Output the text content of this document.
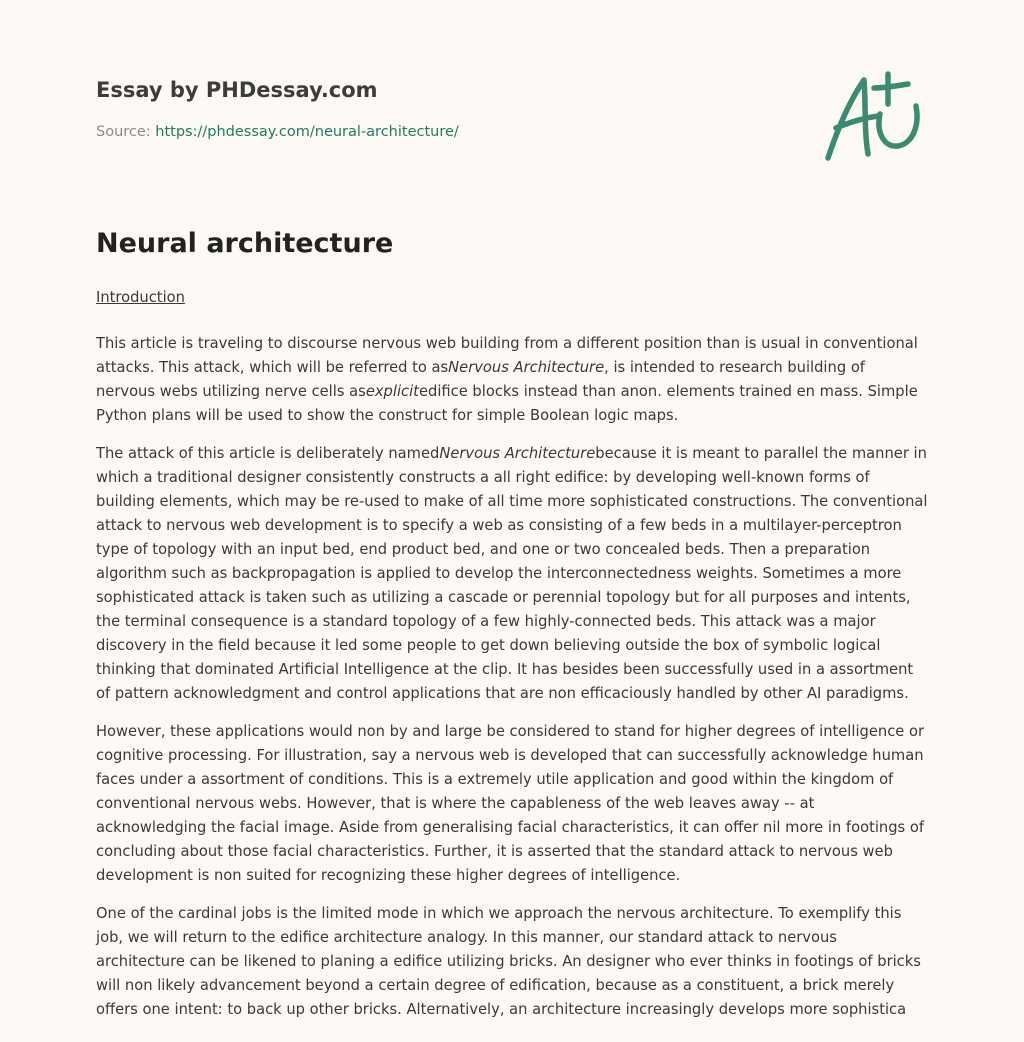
Essay by PHDessay.com
Source: https://phdessay.com/neural-architecture/
Neural architecture
Introduction

This article is traveling to discourse nervous web building from a different position than is usual in conventional attacks. This attack, which will be referred to asNervous Architecture, is intended to research building of nervous webs utilizing nerve cells asexplicitedifice blocks instead than anon. elements trained en mass. Simple Python plans will be used to show the construct for simple Boolean logic maps.

The attack of this article is deliberately namedNervous Architecturebecause it is meant to parallel the manner in which a traditional designer consistently constructs a all right edifice: by developing well-known forms of building elements, which may be re-used to make of all time more sophisticated constructions. The conventional attack to nervous web development is to specify a web as consisting of a few beds in a multilayer-perceptron type of topology with an input bed, end product bed, and one or two concealed beds. Then a preparation algorithm such as backpropagation is applied to develop the interconnectedness weights. Sometimes a more sophisticated attack is taken such as utilizing a cascade or perennial topology but for all purposes and intents, the terminal consequence is a standard topology of a few highly-connected beds. This attack was a major discovery in the field because it led some people to get down believing outside the box of symbolic logical thinking that dominated Artificial Intelligence at the clip. It has besides been successfully used in a assortment of pattern acknowledgment and control applications that are non efficaciously handled by other AI paradigms.

However, these applications would non by and large be considered to stand for higher degrees of intelligence or cognitive processing. For illustration, say a nervous web is developed that can successfully acknowledge human faces under a assortment of conditions. This is a extremely utile application and good within the kingdom of conventional nervous webs. However, that is where the capableness of the web leaves away -- at acknowledging the facial image. Aside from generalising facial characteristics, it can offer nil more in footings of concluding about those facial characteristics. Further, it is asserted that the standard attack to nervous web development is non suited for recognizing these higher degrees of intelligence.

One of the cardinal jobs is the limited mode in which we approach the nervous architecture. To exemplify this job, we will return to the edifice architecture analogy. In this manner, our standard attack to nervous architecture can be likened to planing a edifice utilizing bricks. An designer who ever thinks in footings of bricks will non likely advancement beyond a certain degree of edification, because as a constituent, a brick merely offers one intent: to back up other bricks. Alternatively, an architecture increasingly develops more sophistica
